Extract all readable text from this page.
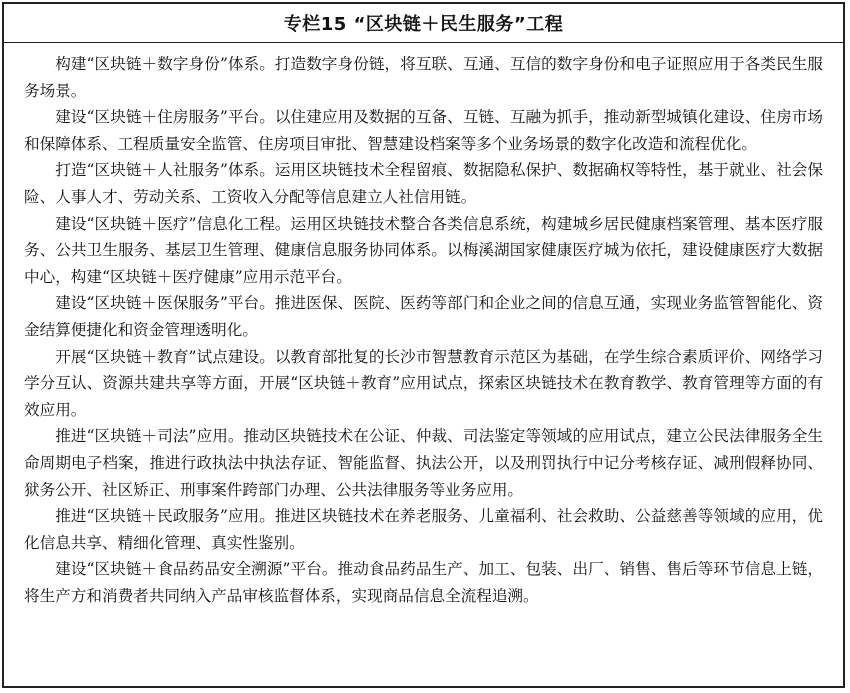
专栏15 “区块链＋民生服务”工程

构建“区块链＋数字身份”体系。打造数字身份链，将互联、互通、互信的数字身份和电子证照应用于各类民生服务场景。

建设“区块链＋住房服务”平台。以住建应用及数据的互备、互链、互融为抓手，推动新型城镇化建设、住房市场和保障体系、工程质量安全监管、住房项目审批、智慧建设档案等多个业务场景的数字化改造和流程优化。

打造“区块链＋人社服务”体系。运用区块链技术全程留痕、数据隐私保护、数据确权等特性，基于就业、社会保险、人事人才、劳动关系、工资收入分配等信息建立人社信用链。

建设“区块链＋医疗”信息化工程。运用区块链技术整合各类信息系统，构建城乡居民健康档案管理、基本医疗服务、公共卫生服务、基层卫生管理、健康信息服务协同体系。以梅溪湖国家健康医疗城为依托，建设健康医疗大数据中心，构建“区块链＋医疗健康”应用示范平台。

建设“区块链＋医保服务”平台。推进医保、医院、医药等部门和企业之间的信息互通，实现业务监管智能化、资金结算便捷化和资金管理透明化。

开展“区块链＋教育”试点建设。以教育部批复的长沙市智慧教育示范区为基础，在学生综合素质评价、网络学习学分互认、资源共建共享等方面，开展“区块链＋教育”应用试点，探索区块链技术在教育教学、教育管理等方面的有效应用。

推进“区块链＋司法”应用。推动区块链技术在公证、仲裁、司法鉴定等领域的应用试点，建立公民法律服务全生命周期电子档案，推进行政执法中执法存证、智能监督、执法公开，以及刑罚执行中记分考核存证、减刑假释协同、狱务公开、社区矫正、刑事案件跨部门办理、公共法律服务等业务应用。

推进“区块链＋民政服务”应用。推进区块链技术在养老服务、儿童福利、社会救助、公益慈善等领域的应用，优化信息共享、精细化管理、真实性鉴别。

建设“区块链＋食品药品安全溯源”平台。推动食品药品生产、加工、包装、出厂、销售、售后等环节信息上链，将生产方和消费者共同纳入产品审核监督体系，实现商品信息全流程追溯。
